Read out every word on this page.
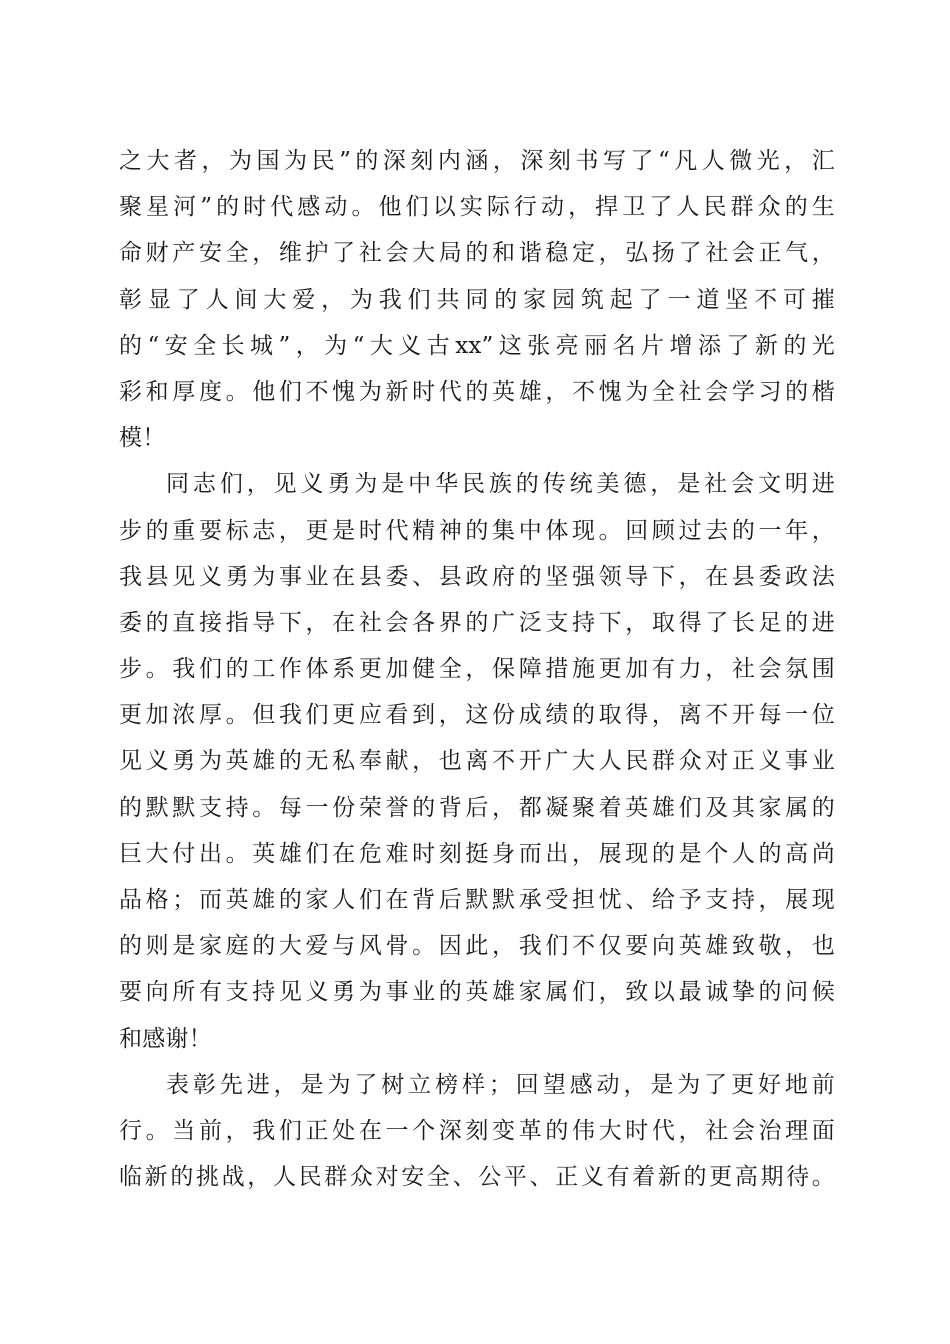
之大者，为国为民”的深刻内涵，深刻书写了“凡人微光，汇
聚星河”的时代感动。他们以实际行动，捍卫了人民群众的生
命财产安全，维护了社会大局的和谐稳定，弘扬了社会正气，
彰显了人间大爱，为我们共同的家园筑起了一道坚不可摧
的“安全长城”，为“大义古xx”这张亮丽名片增添了新的光
彩和厚度。他们不愧为新时代的英雄，不愧为全社会学习的楷
模！
同志们，见义勇为是中华民族的传统美德，是社会文明进
步的重要标志，更是时代精神的集中体现。回顾过去的一年，
我县见义勇为事业在县委、县政府的坚强领导下，在县委政法
委的直接指导下，在社会各界的广泛支持下，取得了长足的进
步。我们的工作体系更加健全，保障措施更加有力，社会氛围
更加浓厚。但我们更应看到，这份成绩的取得，离不开每一位
见义勇为英雄的无私奉献，也离不开广大人民群众对正义事业
的默默支持。每一份荣誉的背后，都凝聚着英雄们及其家属的
巨大付出。英雄们在危难时刻挺身而出，展现的是个人的高尚
品格；而英雄的家人们在背后默默承受担忧、给予支持，展现
的则是家庭的大爱与风骨。因此，我们不仅要向英雄致敬，也
要向所有支持见义勇为事业的英雄家属们，致以最诚挚的问候
和感谢！
表彰先进，是为了树立榜样；回望感动，是为了更好地前
行。当前，我们正处在一个深刻变革的伟大时代，社会治理面
临新的挑战，人民群众对安全、公平、正义有着新的更高期待。
